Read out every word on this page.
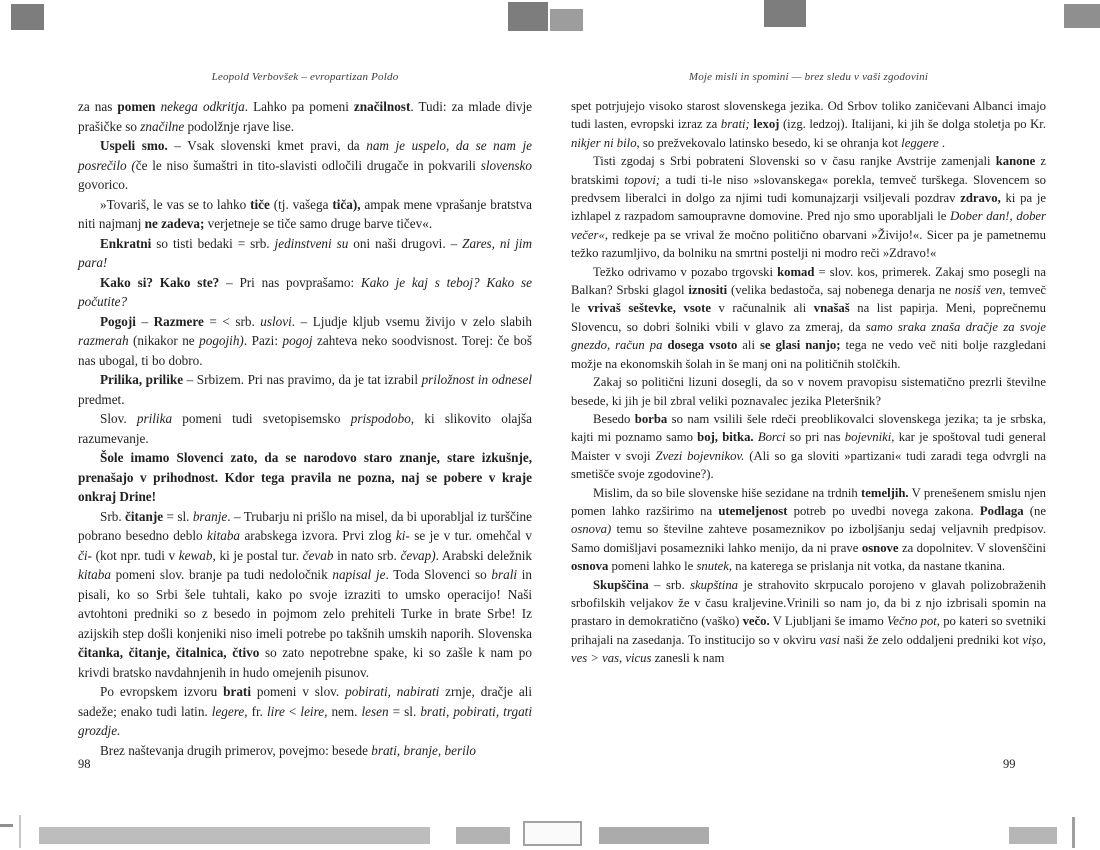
Leopold Verbovšek – evropartizan Poldo

za nas pomen nekega odkritja. Lahko pa pomeni značilnost. Tudi: za mlade divje prašičke so značilne podolžnje rjave lise.

Uspeli smo. – Vsak slovenski kmet pravi, da nam je uspelo, da se nam je posrečilo (če le niso šumaštri in tito-slavisti odločili drugače in pokvarili slovensko govorico.

»Tovariš, le vas se to lahko tiče (tj. vašega tiča), ampak mene vprašanje bratstva niti najmanj ne zadeva; verjetneje se tiče samo druge barve tičev«.

Enkratni so tisti bedaki = srb. jedinstveni su oni naši drugovi. – Zares, ni jim para!

Kako si? Kako ste? – Pri nas povprašamo: Kako je kaj s teboj? Kako se počutite?

Pogoji – Razmere = < srb. uslovi. – Ljudje kljub vsemu živijo v zelo slabih razmerah (nikakor ne pogojih). Pazi: pogoj zahteva neko soodvisnost. Torej: če boš nas ubogal, ti bo dobro.

Prilika, prilike – Srbizem. Pri nas pravimo, da je tat izrabil priložnost in odnesel predmet.

Slov. prilika pomeni tudi svetopisemsko prispodobo, ki slikovito olajša razumevanje.

Šole imamo Slovenci zato, da se narodovo staro znanje, stare izkušnje, prenašajo v prihodnost. Kdor tega pravila ne pozna, naj se pobere v kraje onkraj Drine!

Srb. čitanje = sl. branje. – Trubarju ni prišlo na misel, da bi uporabljal iz turščine pobrano besedno deblo kitaba arabskega izvora. Prvi zlog ki- se je v tur. omehčal v či- (kot npr. tudi v kewab, ki je postal tur. čevab in nato srb. čevap). Arabski deležnik kitaba pomeni slov. branje pa tudi nedoločnik napisal je. Toda Slovenci so brali in pisali, ko so Srbi šele tuhtali, kako po svoje izraziti to umsko operacijo! Naši avtohtoni predniki so z besedo in pojmom zelo prehiteli Turke in brate Srbe! Iz azijskih step došli konjeniki niso imeli potrebe po takšnih umskih naporih. Slovenska čitanka, čitanje, čitalnica, čtivo so zato nepotrebne spake, ki so zašle k nam po krivdi bratsko navdahnjenih in hudo omejenih pisunov.

Po evropskem izvoru brati pomeni v slov. pobirati, nabirati zrnje, dračje ali sadeže; enako tudi latin. legere, fr. lire < leire, nem. lesen = sl. brati, pobirati, trgati grozdje.

Brez naštevanja drugih primerov, povejmo: besede brati, branje, berilo

98
Moje misli in spomini — brez sledu v vaši zgodovini

spet potrjujejo visoko starost slovenskega jezika. Od Srbov toliko zaničevani Albanci imajo tudi lasten, evropski izraz za brati; lexoj (izg. ledzoj). Italijani, ki jih še dolga stoletja po Kr. nikjer ni bilo, so prežvekovalo latinsko besedo, ki se ohranja kot leggere .

Tisti zgodaj s Srbi pobrateni Slovenski so v času ranjke Avstrije zamenjali kanone z bratskimi topovi; a tudi ti-le niso »slovanskega« porekla, temveč turškega. Slovencem so predvsem liberalci in dolgo za njimi tudi komunajzarji vsiljevali pozdrav zdravo, ki pa je izhlapel z razpadom samoupravne domovine. Pred njo smo uporabljali le Dober dan!, dober večer«, redkeje pa se vrival že močno politično obarvani »Živijo!«. Sicer pa je pametnemu težko razumljivo, da bolniku na smrtni postelji ni modro reči »Zdravo!«

Težko odrivamo v pozabo trgovski komad = slov. kos, primerek. Zakaj smo posegli na Balkan? Srbski glagol iznositi (velika bedastoča, saj nobenega denarja ne nosiš ven, temveč le vrivaš seštevke, vsote v računalnik ali vnašaš na list papirja. Meni, poprečnemu Slovencu, so dobri šolniki vbili v glavo za zmeraj, da samo sraka znaša dračje za svoje gnezdo, račun pa dosega vsoto ali se glasi nanjo; tega ne vedo več niti bolje razgledani možje na ekonomskih šolah in še manj oni na političnih stolčkih.

Zakaj so politični lizuni dosegli, da so v novem pravopisu sistematično prezrli številne besede, ki jih je bil zbral veliki poznavalec jezika Pleteršnik?

Besedo borba so nam vsilili šele rdeči preoblikovalci slovenskega jezika; ta je srbska, kajti mi poznamo samo boj, bitka. Borci so pri nas bojevniki, kar je spoštoval tudi general Maister v svoji Zvezi bojevnikov. (Ali so ga sloviti »partizani« tudi zaradi tega odvrgli na smetišče svoje zgodovine?).

Mislim, da so bile slovenske hiše sezidane na trdnih temeljih. V prenešenem smislu njen pomen lahko razširimo na utemeljenost potreb po uvedbi novega zakona. Podlaga (ne osnova) temu so številne zahteve posameznikov po izboljšanju sedaj veljavnih predpisov. Samo domišljavi posamezniki lahko menijo, da ni prave osnove za dopolnitev. V slovenščini osnova pomeni lahko le snutek, na katerega se prislanja nit votka, da nastane tkanina.

Skupščina – srb. skupština je strahovito skrpucalo porojeno v glavah polizobraženih srbofilskih veljakov že v času kraljevine.Vrinili so nam jo, da bi z njo izbrisali spomin na prastaro in demokratično (vaško) večo. V Ljubljani še imamo Večno pot, po kateri so svetniki prihajali na zasedanja. To institucijo so v okviru vasi naši že zelo oddaljeni predniki kot vișo, ves > vas, vicus zanesli k nam

99
